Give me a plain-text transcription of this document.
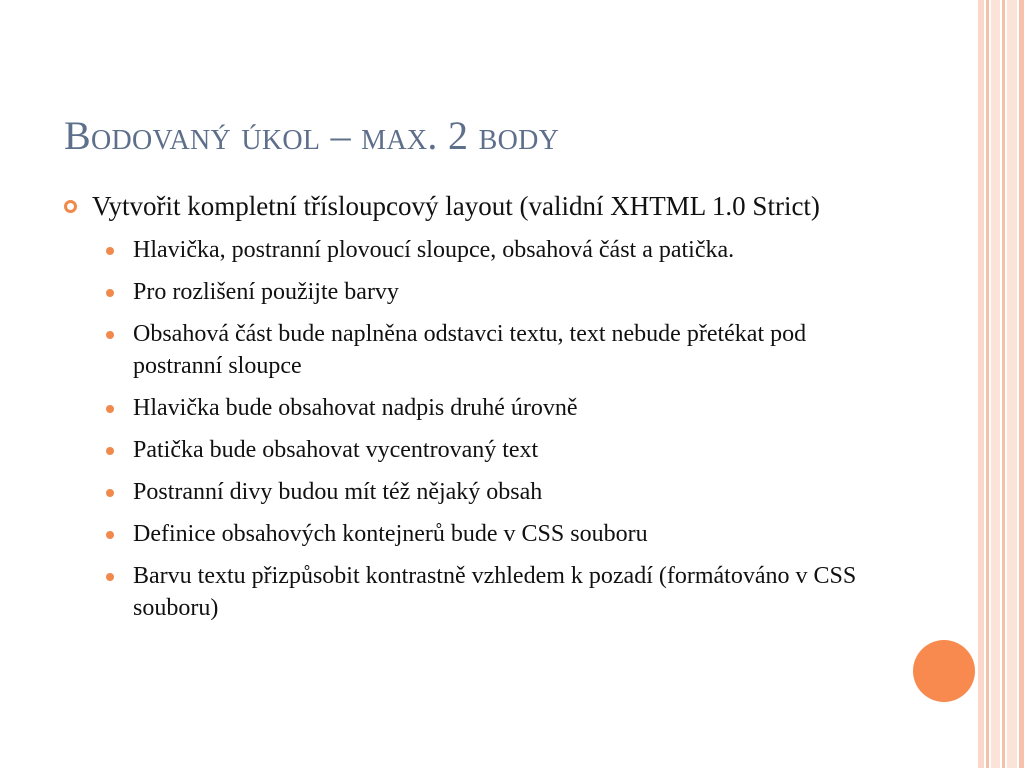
Bodovaný úkol – max. 2 body
Vytvořit kompletní třísloupcový layout (validní XHTML 1.0 Strict)
Hlavička, postranní plovoucí sloupce, obsahová část a patička.
Pro rozlišení použijte barvy
Obsahová část bude naplněna odstavci textu, text nebude přetékat pod postranní sloupce
Hlavička bude obsahovat nadpis druhé úrovně
Patička bude obsahovat vycentrovaný text
Postranní divy budou mít též nějaký obsah
Definice obsahových kontejnerů bude v CSS souboru
Barvu textu přizpůsobit kontrastně vzhledem k pozadí (formátováno v CSS souboru)
